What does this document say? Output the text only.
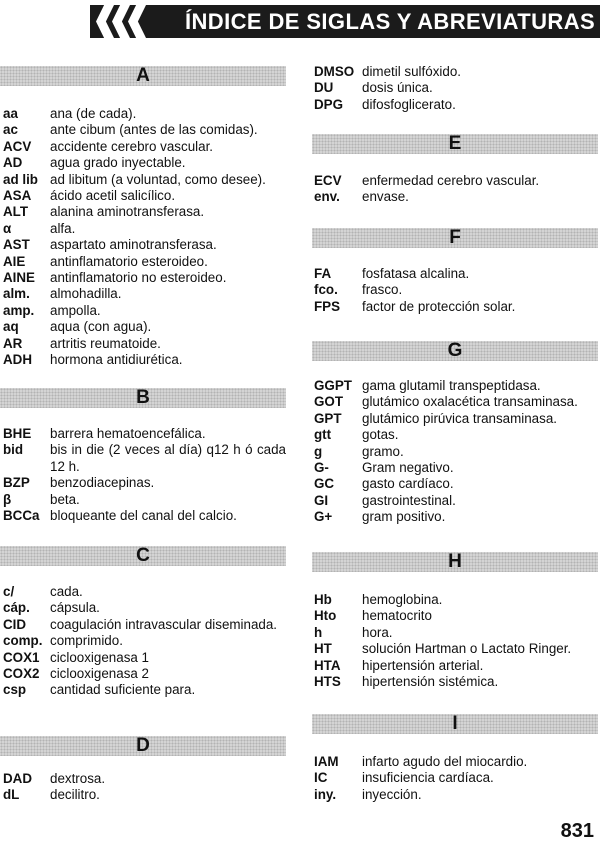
ÍNDICE DE SIGLAS Y ABREVIATURAS
A
aa ana (de cada).
ac ante cibum (antes de las comidas).
ACV accidente cerebro vascular.
AD agua grado inyectable.
ad lib ad libitum (a voluntad, como desee).
ASA ácido acetil salicílico.
ALT alanina aminotransferasa.
α	alfa.
AST aspartato aminotransferasa.
AIE antinflamatorio esteroideo.
AINE antinflamatorio no esteroideo.
alm. almohadilla.
amp. ampolla.
aq aqua (con agua).
AR artritis reumatoide.
ADH hormona antidiurética.
B
BHE barrera hematoencefálica.
bid bis in die (2 veces al día) q12 h ó cada 12 h.
BZP benzodiacepinas.
β	beta.
BCCa bloqueante del canal del calcio.
C
c/	cada.
cáp. cápsula.
CID coagulación intravascular diseminada.
comp. comprimido.
COX1 ciclooxigenasa 1
COX2 ciclooxigenasa 2
csp cantidad suficiente para.
D
DAD dextrosa.
dL decilitro.
DMSO dimetil sulfóxido.
DU dosis única.
DPG difosfoglicerato.
E
ECV enfermedad cerebro vascular.
env. envase.
F
FA fosfatasa alcalina.
fco. frasco.
FPS factor de protección solar.
G
GGPT gama glutamil transpeptidasa.
GOT glutámico oxalacética transaminasa.
GPT glutámico pirúvica transaminasa.
gtt gotas.
g	gramo.
G- Gram negativo.
GC gasto cardíaco.
GI	gastrointestinal.
G+ gram positivo.
H
Hb hemoglobina.
Hto hematocrito
h	hora.
HT solución Hartman o Lactato Ringer.
HTA hipertensión arterial.
HTS hipertensión sistémica.
I
IAM infarto agudo del miocardio.
IC	insuficiencia cardíaca.
iny. inyección.
831
